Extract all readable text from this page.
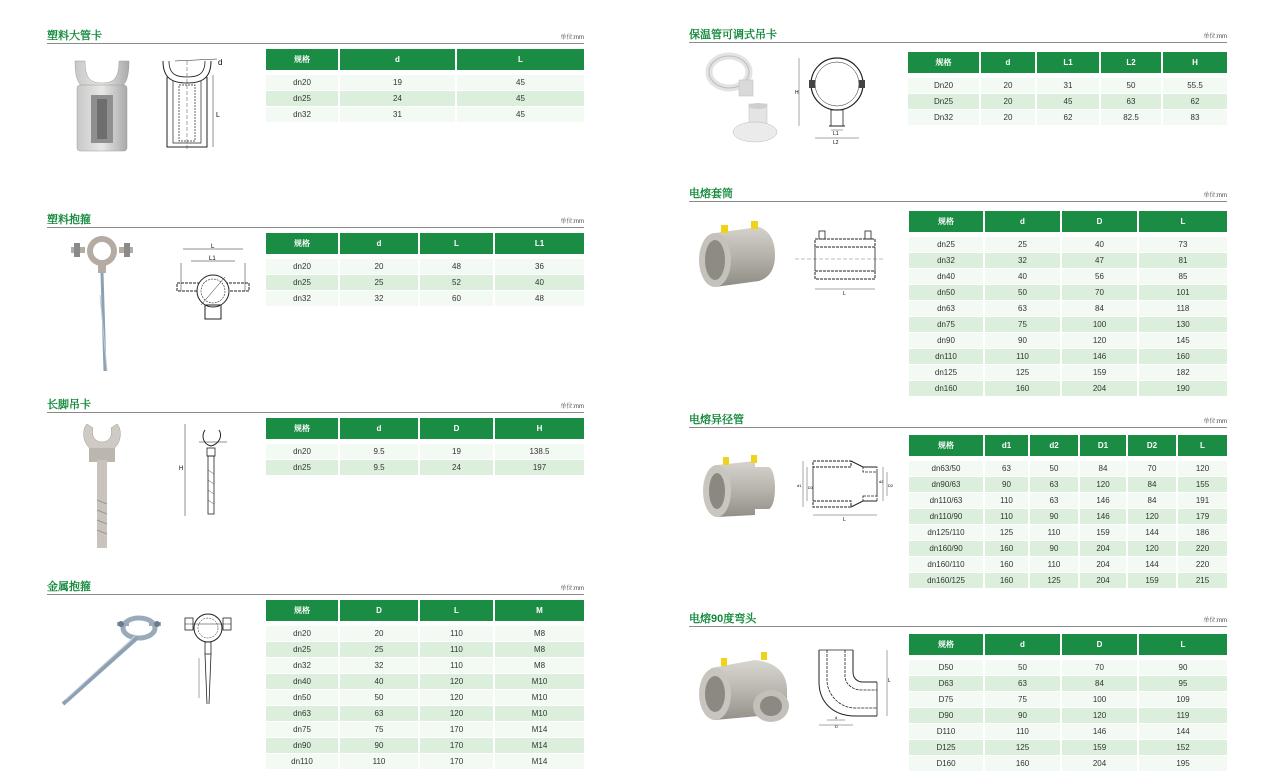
塑料大管卡	单位:mm
d
L
规格	d	L

dn20	19	45
dn25	24	45
dn32	31	45
塑料抱箍	单位:mm
L
L1
规格	d	L	L1

dn20	20	48	36
dn25	25	52	40
dn32	32	60	48
长脚吊卡	单位:mm
H
规格	d	D	H

dn20	9.5	19	138.5
dn25	9.5	24	197
金属抱箍	单位:mm
规格	D	L	M

dn20	20	110	M8
dn25	25	110	M8
dn32	32	110	M8
dn40	40	120	M10
dn50	50	120	M10
dn63	63	120	M10
dn75	75	170	M14
dn90	90	170	M14
dn110	110	170	M14
保温管可调式吊卡	单位:mm
H
L1
L2
规格	d	L1	L2	H

Dn20	20	31	50	55.5
Dn25	20	45	63	62
Dn32	20	62	82.5	83
电熔套筒	单位:mm
L
规格	d	D	L

dn25	25	40	73
dn32	32	47	81
dn40	40	56	85
dn50	50	70	101
dn63	63	84	118
dn75	75	100	130
dn90	90	120	145
dn110	110	146	160
dn125	125	159	182
dn160	160	204	190
电熔异径管	单位:mm
d1 D1
d2
D2
L
规格	d1	d2	D1	D2	L

dn63/50	63	50	84	70	120
dn90/63	90	63	120	84	155
dn110/63	110	63	146	84	191
dn110/90	110	90	146	120	179
dn125/110	125	110	159	144	186
dn160/90	160	90	204	120	220
dn160/110	160	110	204	144	220
dn160/125	160	125	204	159	215
电熔90度弯头	单位:mm
L
d
D
规格	d	D	L

D50	50	70	90
D63	63	84	95
D75	75	100	109
D90	90	120	119
D110	110	146	144
D125	125	159	152
D160	160	204	195
